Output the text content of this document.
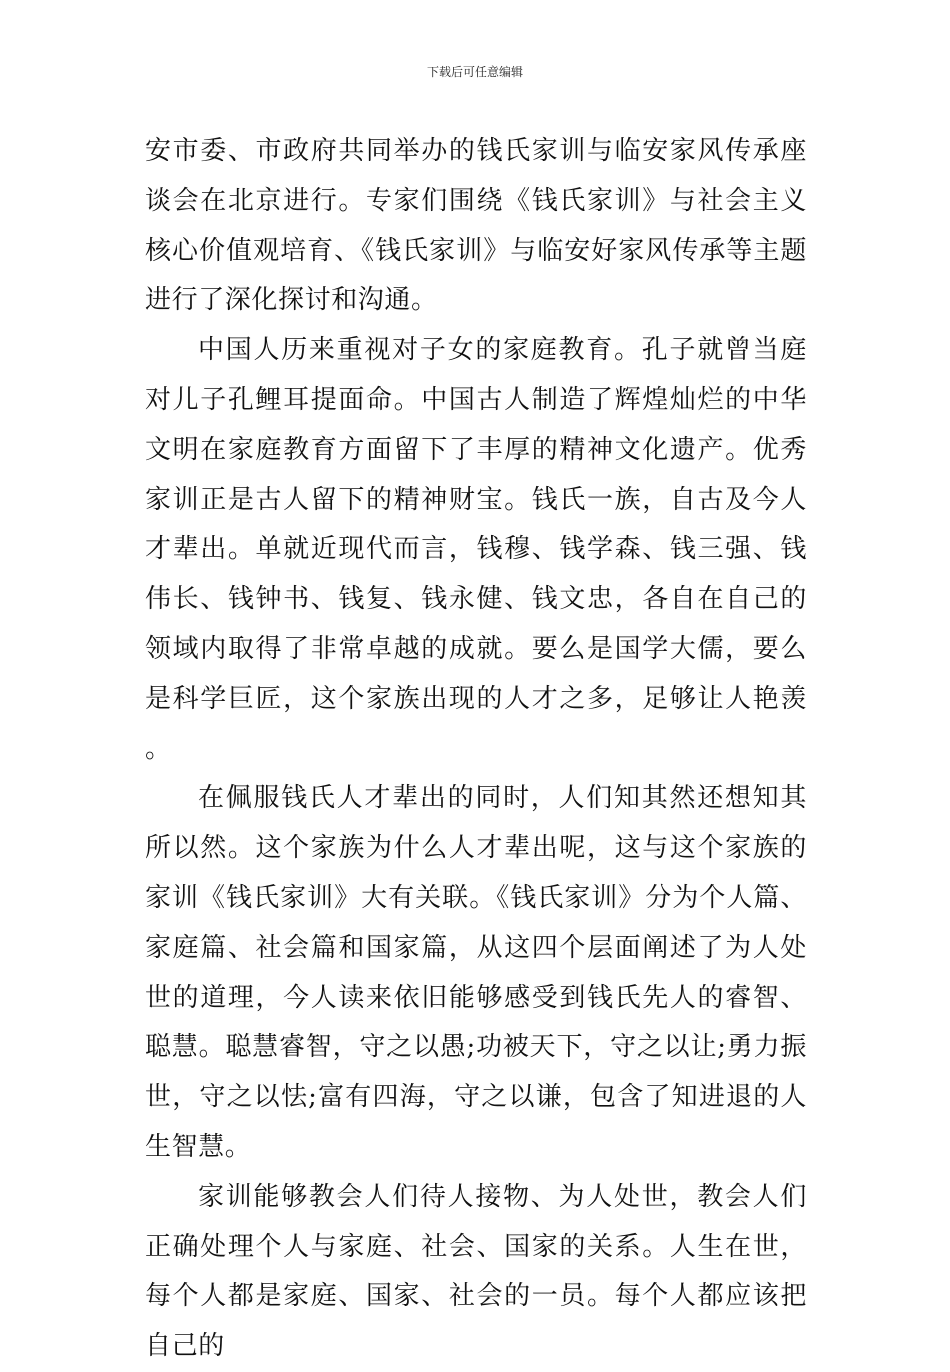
下载后可任意编辑

安市委、市政府共同举办的钱氏家训与临安家风传承座谈会在北京进行。专家们围绕《钱氏家训》与社会主义核心价值观培育、《钱氏家训》与临安好家风传承等主题进行了深化探讨和沟通。

中国人历来重视对子女的家庭教育。孔子就曾当庭对儿子孔鲤耳提面命。中国古人制造了辉煌灿烂的中华文明在家庭教育方面留下了丰厚的精神文化遗产。优秀家训正是古人留下的精神财宝。钱氏一族，自古及今人才辈出。单就近现代而言，钱穆、钱学森、钱三强、钱伟长、钱钟书、钱复、钱永健、钱文忠，各自在自己的领域内取得了非常卓越的成就。要么是国学大儒，要么是科学巨匠，这个家族出现的人才之多，足够让人艳羡。

在佩服钱氏人才辈出的同时，人们知其然还想知其所以然。这个家族为什么人才辈出呢，这与这个家族的家训《钱氏家训》大有关联。《钱氏家训》分为个人篇、家庭篇、社会篇和国家篇，从这四个层面阐述了为人处世的道理，今人读来依旧能够感受到钱氏先人的睿智、聪慧。聪慧睿智，守之以愚;功被天下，守之以让;勇力振世，守之以怯;富有四海，守之以谦，包含了知进退的人生智慧。

家训能够教会人们待人接物、为人处世，教会人们正确处理个人与家庭、社会、国家的关系。人生在世，每个人都是家庭、国家、社会的一员。每个人都应该把自己的
